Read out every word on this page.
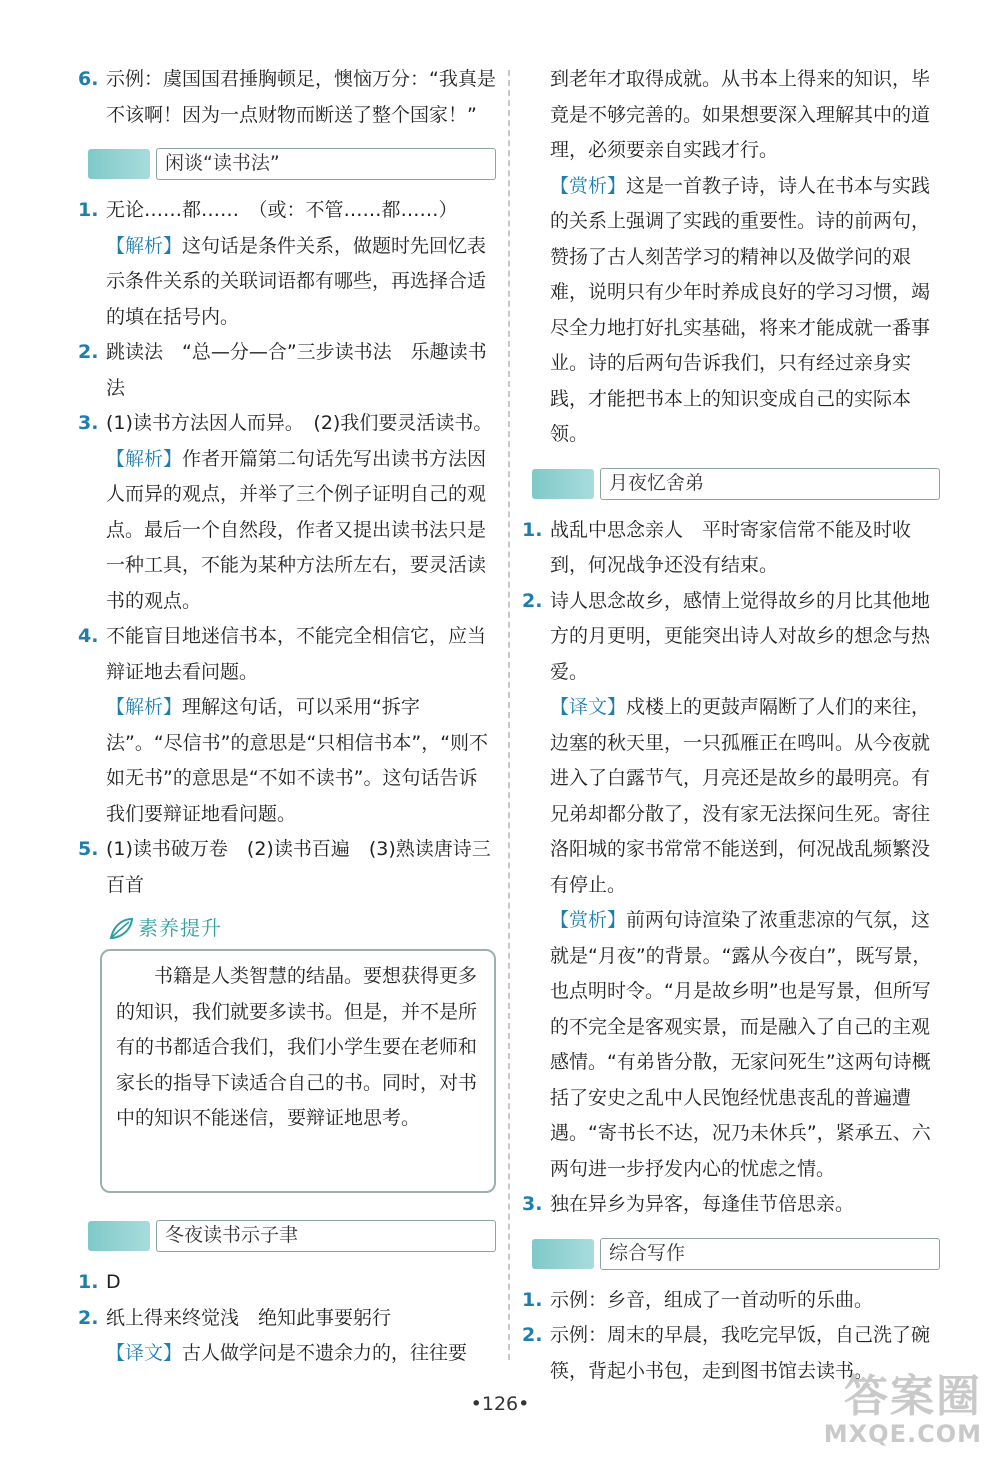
6. 示例：虞国国君捶胸顿足，懊恼万分：“我真是不该啊！因为一点财物而断送了整个国家！”
闲谈“读书法”
1. 无论……都……　（或：不管……都……）
【解析】这句话是条件关系，做题时先回忆表示条件关系的关联词语都有哪些，再选择合适的填在括号内。
2. 跳读法　“总—分—合”三步读书法　乐趣读书法
3. (1)读书方法因人而异。　(2)我们要灵活读书。
【解析】作者开篇第二句话先写出读书方法因人而异的观点，并举了三个例子证明自己的观点。最后一个自然段，作者又提出读书法只是一种工具，不能为某种方法所左右，要灵活读书的观点。
4. 不能盲目地迷信书本，不能完全相信它，应当辩证地去看问题。
【解析】理解这句话，可以采用“拆字法”。“尽信书”的意思是“只相信书本”，“则不如无书”的意思是“不如不读书”。这句话告诉我们要辩证地看问题。
5. (1)读书破万卷　(2)读书百遍　(3)熟读唐诗三百首
素养提升
书籍是人类智慧的结晶。要想获得更多的知识，我们就要多读书。但是，并不是所有的书都适合我们，我们小学生要在老师和家长的指导下读适合自己的书。同时，对书中的知识不能迷信，要辩证地思考。
冬夜读书示子聿
1. D
2. 纸上得来终觉浅　绝知此事要躬行
【译文】古人做学问是不遗余力的，往往要
到老年才取得成就。从书本上得来的知识，毕竟是不够完善的。如果想要深入理解其中的道理，必须要亲自实践才行。
【赏析】这是一首教子诗，诗人在书本与实践的关系上强调了实践的重要性。诗的前两句，赞扬了古人刻苦学习的精神以及做学问的艰难，说明只有少年时养成良好的学习习惯，竭尽全力地打好扎实基础，将来才能成就一番事业。诗的后两句告诉我们，只有经过亲身实践，才能把书本上的知识变成自己的实际本领。
月夜忆舍弟
1. 战乱中思念亲人　平时寄家信常不能及时收到，何况战争还没有结束。
2. 诗人思念故乡，感情上觉得故乡的月比其他地方的月更明，更能突出诗人对故乡的想念与热爱。
【译文】戍楼上的更鼓声隔断了人们的来往，边塞的秋天里，一只孤雁正在鸣叫。从今夜就进入了白露节气，月亮还是故乡的最明亮。有兄弟却都分散了，没有家无法探问生死。寄往洛阳城的家书常常不能送到，何况战乱频繁没有停止。
【赏析】前两句诗渲染了浓重悲凉的气氛，这就是“月夜”的背景。“露从今夜白”，既写景，也点明时令。“月是故乡明”也是写景，但所写的不完全是客观实景，而是融入了自己的主观感情。“有弟皆分散，无家问死生”这两句诗概括了安史之乱中人民饱经忧患丧乱的普遍遭遇。“寄书长不达，况乃未休兵”，紧承五、六两句进一步抒发内心的忧虑之情。
3. 独在异乡为异客，每逢佳节倍思亲。
综合写作
1. 示例：乡音，组成了一首动听的乐曲。
2. 示例：周末的早晨，我吃完早饭，自己洗了碗筷，背起小书包，走到图书馆去读书。
•126•	答案圈
MXQE.COM
